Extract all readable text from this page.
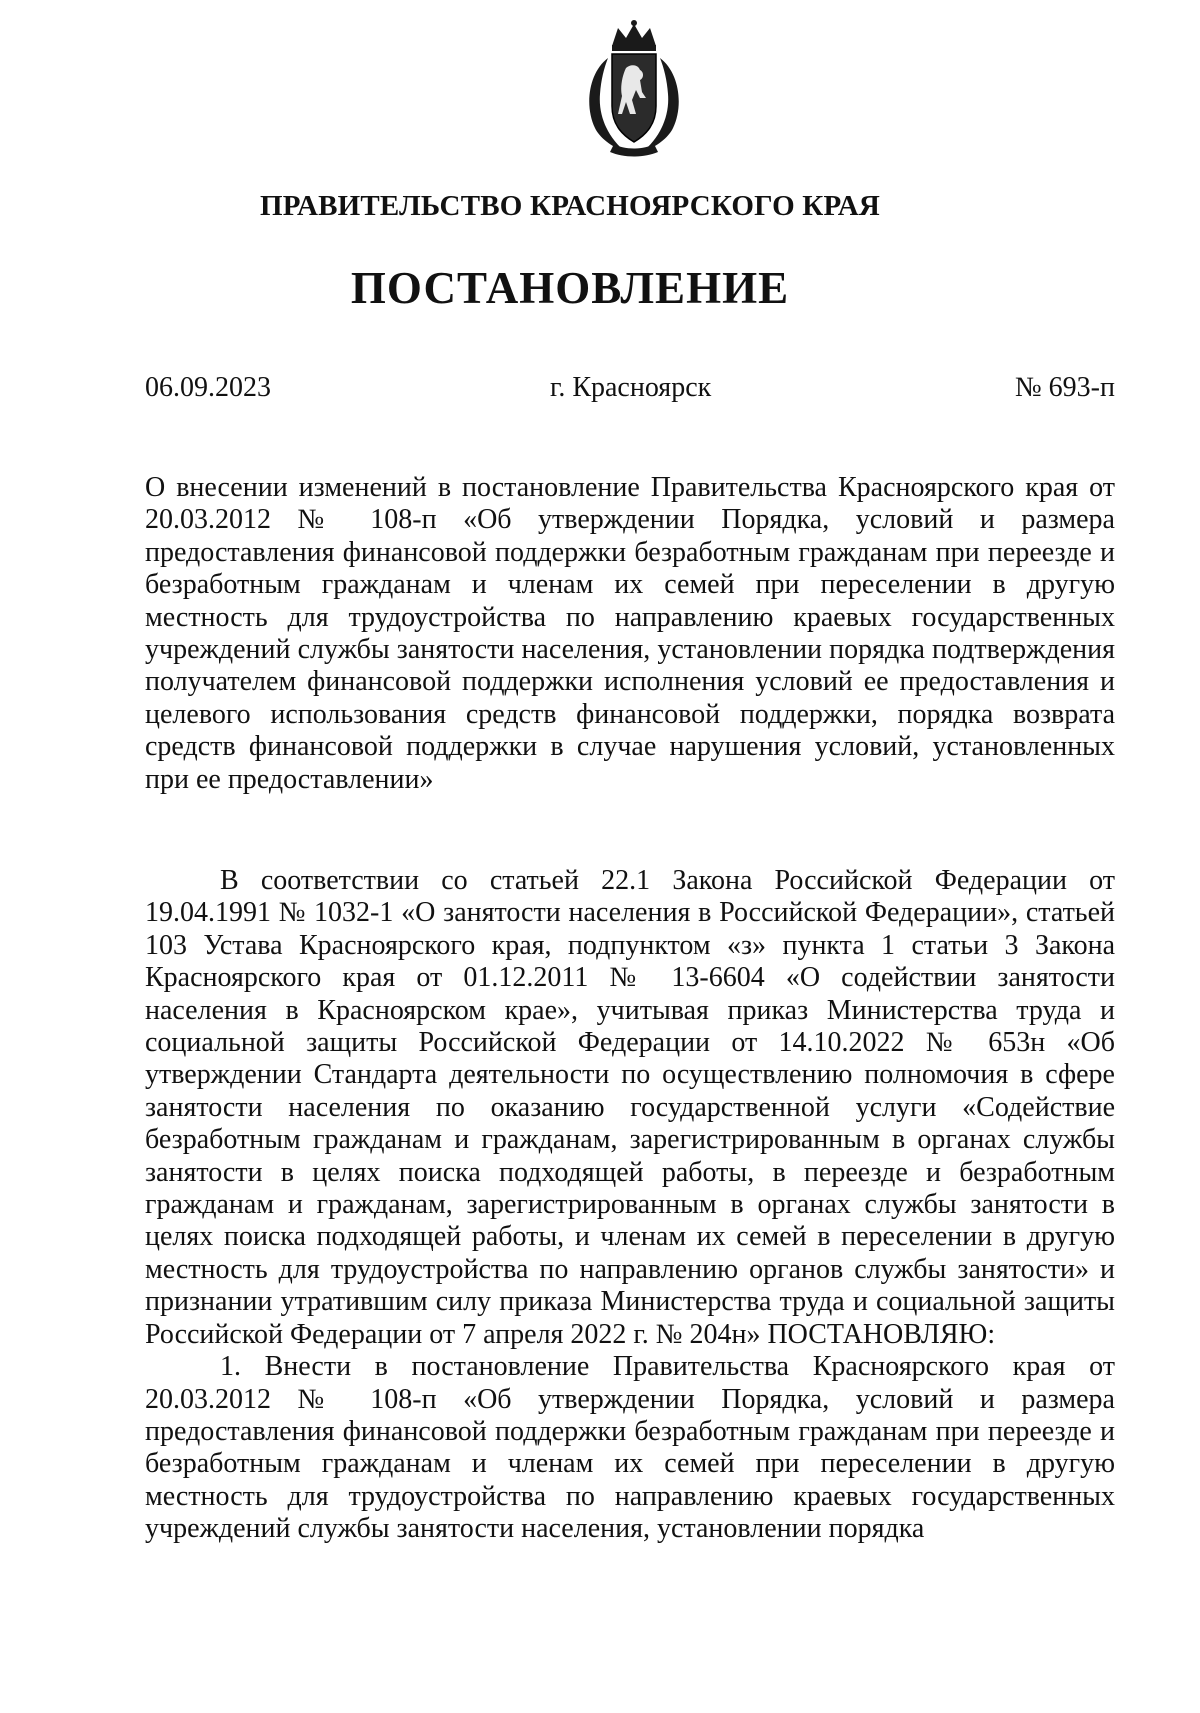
ПРАВИТЕЛЬСТВО КРАСНОЯРСКОГО КРАЯ
ПОСТАНОВЛЕНИЕ
06.09.2023	г. Красноярск	№ 693-п

О внесении изменений в постановление Правительства Красноярского края от 20.03.2012 № 108-п «Об утверждении Порядка, условий и размера предоставления финансовой поддержки безработным гражданам при переезде и безработным гражданам и членам их семей при переселении в другую местность для трудоустройства по направлению краевых государственных учреждений службы занятости населения, установлении порядка подтверждения получателем финансовой поддержки исполнения условий ее предоставления и целевого использования средств финансовой поддержки, порядка возврата средств финансовой поддержки в случае нарушения условий, установленных при ее предоставлении»

В соответствии со статьей 22.1 Закона Российской Федерации от 19.04.1991 № 1032-1 «О занятости населения в Российской Федерации», статьей 103 Устава Красноярского края, подпунктом «з» пункта 1 статьи 3 Закона Красноярского края от 01.12.2011 № 13-6604 «О содействии занятости населения в Красноярском крае», учитывая приказ Министерства труда и социальной защиты Российской Федерации от 14.10.2022 № 653н «Об утверждении Стандарта деятельности по осуществлению полномочия в сфере занятости населения по оказанию государственной услуги «Содействие безработным гражданам и гражданам, зарегистрированным в органах службы занятости в целях поиска подходящей работы, в переезде и безработным гражданам и гражданам, зарегистрированным в органах службы занятости в целях поиска подходящей работы, и членам их семей в переселении в другую местность для трудоустройства по направлению органов службы занятости» и признании утратившим силу приказа Министерства труда и социальной защиты Российской Федерации от 7 апреля 2022 г. № 204н» ПОСТАНОВЛЯЮ:

1. Внести в постановление Правительства Красноярского края от 20.03.2012 № 108-п «Об утверждении Порядка, условий и размера предоставления финансовой поддержки безработным гражданам при переезде и безработным гражданам и членам их семей при переселении в другую местность для трудоустройства по направлению краевых государственных учреждений службы занятости населения, установлении порядка
